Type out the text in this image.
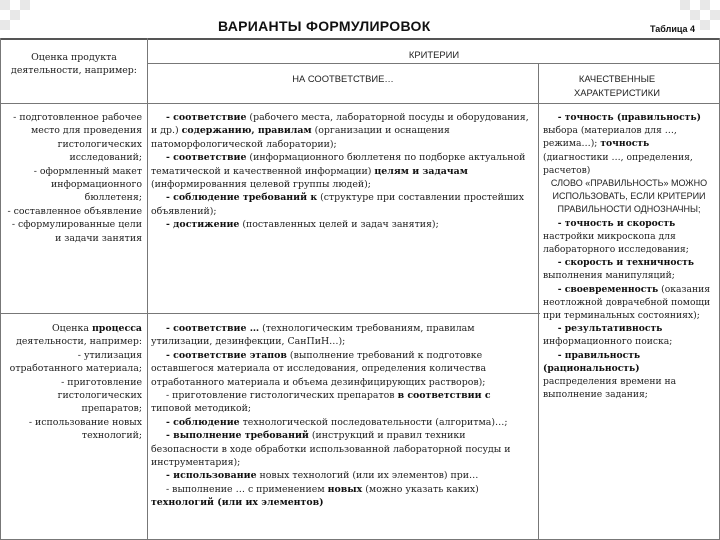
ВАРИАНТЫ ФОРМУЛИРОВОК	Таблица 4
Оценка продукта деятельности, например:
КРИТЕРИИ
НА СООТВЕТСТВИЕ…	КАЧЕСТВЕННЫЕ ХАРАКТЕРИСТИКИ

- подготовленное рабочее место для проведения гистологических исследований;

- оформленный макет информационного бюллетеня;

- составленное объявление

- сформулированные цели и задачи занятия

- соответствие (рабочего места, лабораторной посуды и оборудования, и др.) содержанию, правилам (организации и оснащения патоморфологической лаборатории);

- соответствие (информационного бюллетеня по подборке актуальной тематической и качественной информации) целям и задачам (информированния целевой группы людей);

- соблюдение требований к (структуре при составлении простейших объявлений);

- достижение (поставленных целей и задач занятия);

Оценка процесса деятельности, например:

- утилизация отработанного материала;

- приготовление гистологических препаратов;

- использование новых технологий;

- соответствие … (технологическим требованиям, правилам утилизации, дезинфекции, СанПиН…);

- соответствие этапов (выполнение требований к подготовке оставшегося материала от исследования, определения количества отработанного материала и объема дезинфицирующих растворов);

- приготовление гистологических препаратов в соответствии с типовой методикой;

- соблюдение технологической последовательности (алгоритма)…;

- выполнение требований (инструкций и правил техники безопасности в ходе обработки использованной лабораторной посуды и инструментария);

- использование новых технологий (или их элементов) при…

- выполнение … с применением новых (можно указать каких) технологий (или их элементов)

- точность (правильность) выбора (материалов для …, режима…); точность (диагностики …, определения, расчетов)

СЛОВО «ПРАВИЛЬНОСТЬ» МОЖНО ИСПОЛЬЗОВАТЬ, ЕСЛИ КРИТЕРИИ ПРАВИЛЬНОСТИ ОДНОЗНАЧНЫ;

- точность и скорость настройки микроскопа для лабораторного исследования;

- скорость и техничность выполнения манипуляций;

- своевременность (оказания неотложной доврачебной помощи при терминальных состояниях);

- результативность информационного поиска;

- правильность (рациональность) распределения времени на выполнение задания;
